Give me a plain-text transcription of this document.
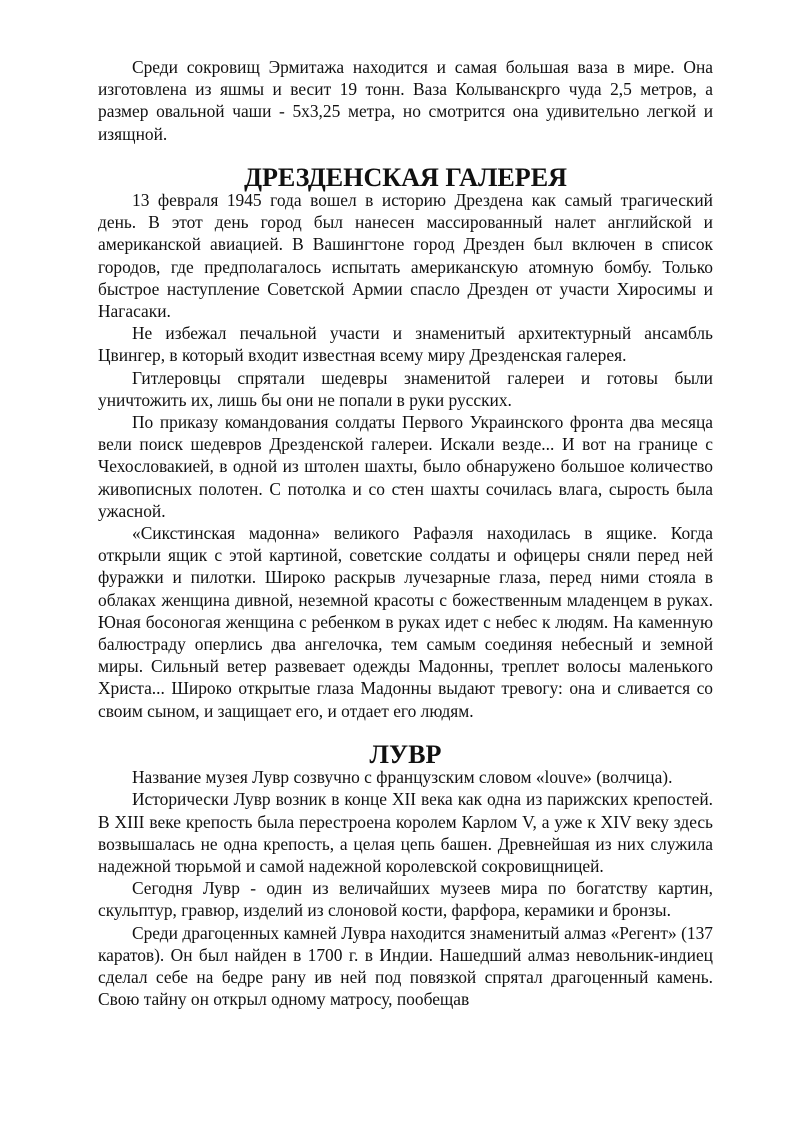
Среди сокровищ Эрмитажа находится и самая большая ваза в мире. Она изготовлена из яшмы и весит 19 тонн. Ваза Колыванскрго чуда 2,5 метров, а размер овальной чаши - 5х3,25 метра, но смотрится она удивительно легкой и изящной.

ДРЕЗДЕНСКАЯ ГАЛЕРЕЯ

13 февраля 1945 года вошел в историю Дрездена как самый трагический день. В этот день город был нанесен массированный налет английской и американской авиацией. В Вашингтоне город Дрезден был включен в список городов, где предполагалось испытать американскую атомную бомбу. Только быстрое наступление Советской Армии спасло Дрезден от участи Хиросимы и Нагасаки.

Не избежал печальной участи и знаменитый архитектурный ансамбль Цвингер, в который входит известная всему миру Дрезденская галерея.

Гитлеровцы спрятали шедевры знаменитой галереи и готовы были уничтожить их, лишь бы они не попали в руки русских.

По приказу командования солдаты Первого Украинского фронта два месяца вели поиск шедевров Дрезденской галереи. Искали везде... И вот на границе с Чехословакией, в одной из штолен шахты, было обнаружено большое количество живописных полотен. С потолка и со стен шахты сочилась влага, сырость была ужасной.

«Сикстинская мадонна» великого Рафаэля находилась в ящике. Когда открыли ящик с этой картиной, советские солдаты и офицеры сняли перед ней фуражки и пилотки. Широко раскрыв лучезарные глаза, перед ними стояла в облаках женщина дивной, неземной красоты с божественным младенцем в руках. Юная босоногая женщина с ребенком в руках идет с небес к людям. На каменную балюстраду оперлись два ангелочка, тем самым соединяя небесный и земной миры. Сильный ветер развевает одежды Мадонны, треплет волосы маленького Христа... Широко открытые глаза Мадонны выдают тревогу: она и сливается со своим сыном, и защищает его, и отдает его людям.

ЛУВР

Название музея Лувр созвучно с французским словом «louve» (волчица).

Исторически Лувр возник в конце XII века как одна из парижских крепостей. В XIII веке крепость была перестроена королем Карлом V, а уже к XIV веку здесь возвышалась не одна крепость, а целая цепь башен. Древнейшая из них служила надежной тюрьмой и самой надежной королевской сокровищницей.

Сегодня Лувр - один из величайших музеев мира по богатству картин, скульптур, гравюр, изделий из слоновой кости, фарфора, керамики и бронзы.

Среди драгоценных камней Лувра находится знаменитый алмаз «Регент» (137 каратов). Он был найден в 1700 г. в Индии. Нашедший алмаз невольник-индиец сделал себе на бедре рану ив ней под повязкой спрятал драгоценный камень. Свою тайну он открыл одному матросу, пообещав
